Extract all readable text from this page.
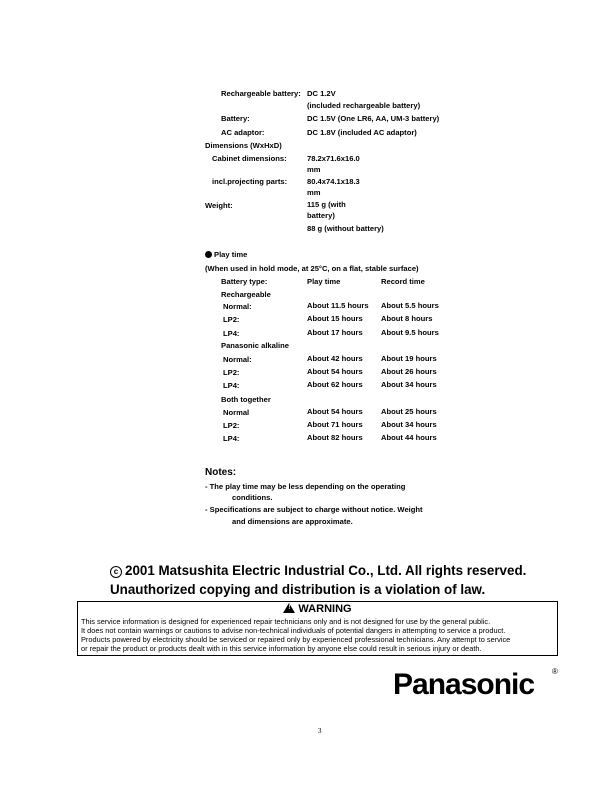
Rechargeable battery: DC 1.2V
(included rechargeable battery)
Battery:	DC 1.5V (One LR6, AA, UM-3 battery)
AC adaptor:	DC 1.8V (included AC adaptor)
Dimensions (WxHxD)
Cabinet dimensions:	78.2x71.6x16.0
mm
incl.projecting parts:	80.4x74.1x18.3
mm
Weight:	115 g (with
battery)
88 g (without battery)
Play time
(When used in hold mode, at 25°C, on a flat, stable surface)
Battery type:	Play time	Record time
Rechargeable
Normal:	About 11.5 hours About 5.5 hours
LP2:	About 15 hours About 8 hours
LP4:	About 17 hours About 9.5 hours
Panasonic alkaline
Normal:	About 42 hours About 19 hours
LP2:	About 54 hours About 26 hours
LP4:	About 62 hours About 34 hours
Both together
Normal	About 54 hours About 25 hours
LP2:	About 71 hours About 34 hours
LP4:	About 82 hours About 44 hours
Notes:
- The play time may be less depending on the operating
conditions.
- Specifications are subject to charge without notice. Weight
and dimensions are approximate.
c 2001 Matsushita Electric Industrial Co., Ltd. All rights reserved.
Unauthorized copying and distribution is a violation of law.
! WARNING
This service information is designed for experienced repair technicians only and is not designed for use by the general public.
It does not contain warnings or cautions to advise non-technical individuals of potential dangers in attempting to service a product.
Products powered by electricity should be serviced or repaired only by experienced professional technicians. Any attempt to service
or repair the product or products dealt with in this service information by anyone else could result in serious injury or death.
Panasonic ®
3
